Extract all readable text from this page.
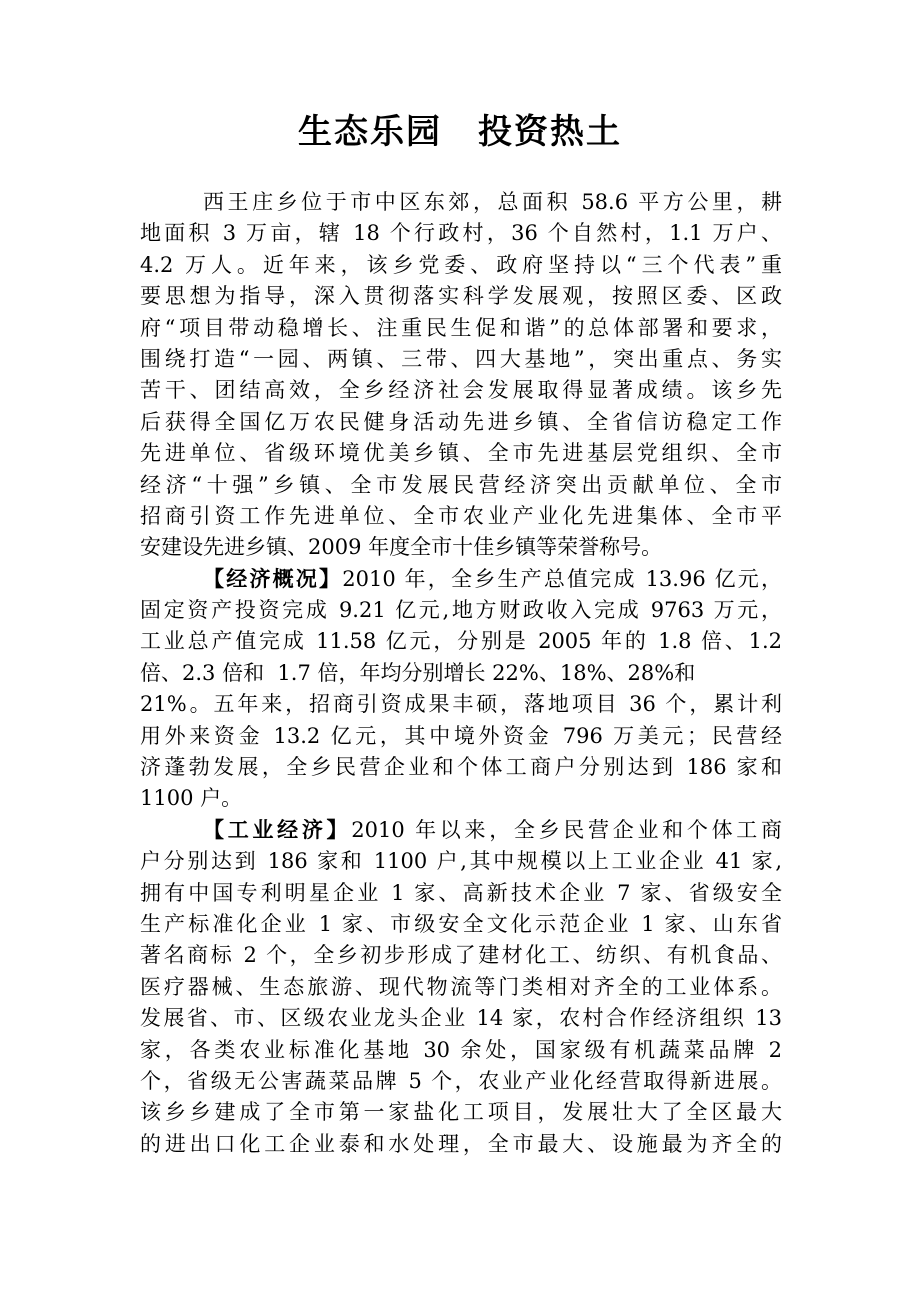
生态乐园 投资热土
西王庄乡位于市中区东郊，总面积 58.6 平方公里，耕
地面积 3 万亩，辖 18 个行政村，36 个自然村，1.1 万户、
4.2 万人。近年来，该乡党委、政府坚持以“三个代表”重
要思想为指导，深入贯彻落实科学发展观，按照区委、区政
府“项目带动稳增长、注重民生促和谐”的总体部署和要求，
围绕打造“一园、两镇、三带、四大基地”，突出重点、务实
苦干、团结高效，全乡经济社会发展取得显著成绩。该乡先
后获得全国亿万农民健身活动先进乡镇、全省信访稳定工作
先进单位、省级环境优美乡镇、全市先进基层党组织、全市
经济“十强”乡镇、全市发展民营经济突出贡献单位、全市
招商引资工作先进单位、全市农业产业化先进集体、全市平
安建设先进乡镇、2009 年度全市十佳乡镇等荣誉称号。
【经济概况】2010 年，全乡生产总值完成 13.96 亿元，
固定资产投资完成 9.21 亿元,地方财政收入完成 9763 万元，
工业总产值完成 11.58 亿元，分别是 2005 年的 1.8 倍、1.2
倍、2.3 倍和  1.7 倍，年均分别增长 22%、18%、28%和
21%。五年来，招商引资成果丰硕，落地项目 36 个，累计利
用外来资金 13.2 亿元，其中境外资金 796 万美元；民营经
济蓬勃发展，全乡民营企业和个体工商户分别达到 186 家和
1100 户。
【工业经济】2010 年以来，全乡民营企业和个体工商
户分别达到 186 家和 1100 户,其中规模以上工业企业 41 家,
拥有中国专利明星企业 1 家、高新技术企业 7 家、省级安全
生产标准化企业 1 家、市级安全文化示范企业 1 家、山东省
著名商标 2 个，全乡初步形成了建材化工、纺织、有机食品、
医疗器械、生态旅游、现代物流等门类相对齐全的工业体系。
发展省、市、区级农业龙头企业 14 家，农村合作经济组织 13
家，各类农业标准化基地 30 余处，国家级有机蔬菜品牌 2
个，省级无公害蔬菜品牌 5 个，农业产业化经营取得新进展。
该乡乡建成了全市第一家盐化工项目，发展壮大了全区最大
的进出口化工企业泰和水处理，全市最大、设施最为齐全的
